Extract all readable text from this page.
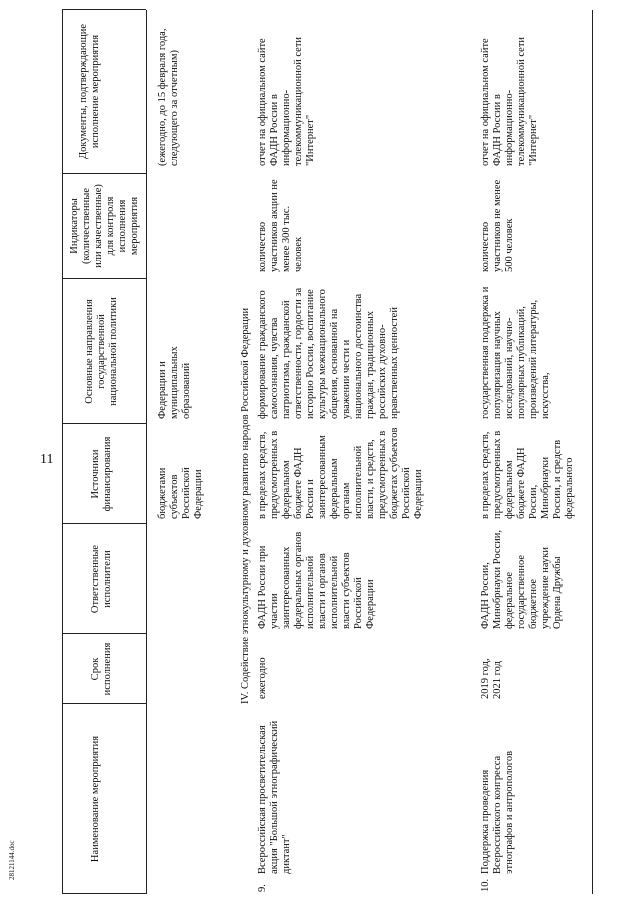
11
28121144.doc	Наименование мероприятия
Срок исполнения
Ответственные исполнители
Источники финансирования
Основные направления государственной национальной политики
Индикаторы (количественные или качественные) для контроля исполнения мероприятия
Документы, подтверждающие исполнение мероприятия
бюджетами субъектов Российской Федерации
Федерации и муниципальных образований
(ежегодно, до 15 февраля года, следующего за отчетным)
IV. Содействие этнокультурному и духовному развитию народов Российской Федерации
9.
Всероссийская просветительская акция "Большой этнографический диктант"
ежегодно
ФАДН России при участии заинтересованных федеральных органов исполнительной власти и органов исполнительной власти субъектов Российской Федерации
в пределах средств, предусмотренных в федеральном бюджете ФАДН России и заинтересованным федеральным органам исполнительной власти, и средств, предусмотренных в бюджетах субъектов Российской Федерации
формирование гражданского самосознания, чувства патриотизма, гражданской ответственности, гордости за историю России, воспитание культуры межнационального общения, основанной на уважении чести и национального достоинства граждан, традиционных российских духовно-нравственных ценностей
количество участников акции не менее 300 тыс. человек
отчет на официальном сайте ФАДН России в информационно-телекоммуникационной сети "Интернет"
10.
Поддержка проведения Всероссийского конгресса этнографов и антропологов
2019 год, 2021 год
ФАДН России, Минобрнауки России, федеральное государственное бюджетное учреждение науки Ордена Дружбы
в пределах средств, предусмотренных в федеральном бюджете ФАДН России, Минобрнауки России, и средств федерального
государственная поддержка и популяризация научных исследований, научно-популярных публикаций, произведений литературы, искусства,
количество участников не менее 500 человек
отчет на официальном сайте ФАДН России в информационно-телекоммуникационной сети "Интернет"
